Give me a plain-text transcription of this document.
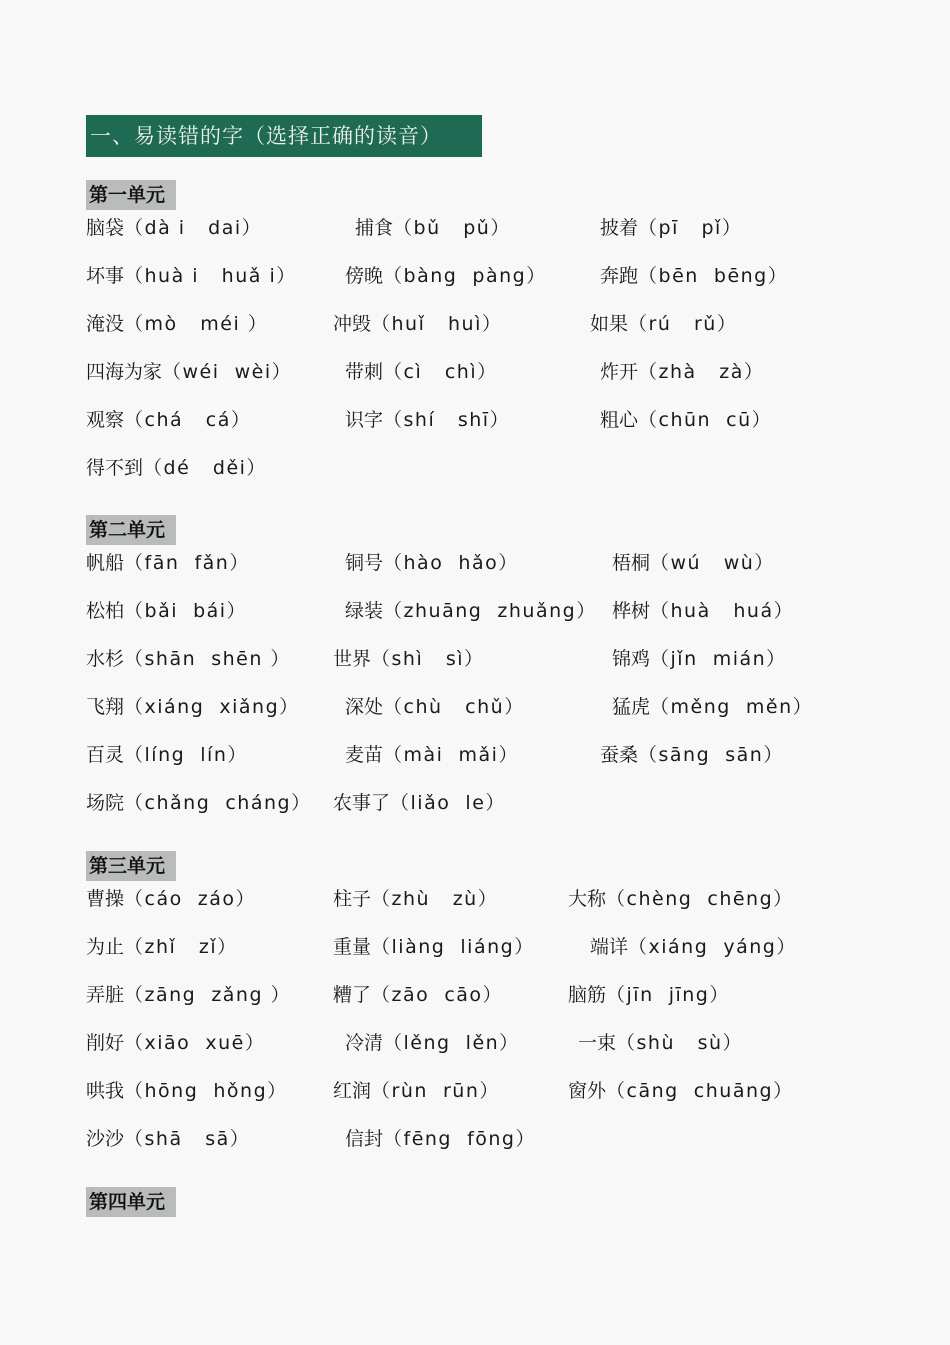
一、易读错的字（选择正确的读音）
第一单元
脑袋（dà i   dai）	捕食（bǔ   pǔ）	披着（pī   pǐ）
坏事（huà i   huǎ i）	傍晚（bàng  pàng）	奔跑（bēn  bēng）
淹没（mò   méi ）	冲毁（huǐ   huì）	如果（rú   rǔ）
四海为家（wéi  wèi）	带刺（cì   chì）	炸开（zhà   zà）
观察（chá   cá）	识字（shí   shī）	粗心（chūn  cū）
得不到（dé   děi）
第二单元
帆船（fān  fǎn）	铜号（hào  hǎo）	梧桐（wú   wù）
松柏（bǎi  bái）	绿装（zhuāng  zhuǎng） 桦树（huà   huá）
水杉（shān  shēn ） 世界（shì   sì）	锦鸡（jǐn  mián）
飞翔（xiáng  xiǎng） 深处（chù   chǔ）	猛虎（měng  měn）
百灵（líng  lín）	麦苗（mài  mǎi）	蚕桑（sāng  sān）
场院（chǎng  cháng） 农事了（liǎo  le）
第三单元
曹操（cáo  záo）	柱子（zhù   zù）	大称（chèng  chēng）
为止（zhǐ   zǐ）	重量（liàng  liáng）	端详（xiáng  yáng）
弄脏（zāng  zǎng ） 糟了（zāo  cāo）	脑筋（jīn  jīng）
削好（xiāo  xuē）	冷清（lěng  lěn）	一束（shù   sù）
哄我（hōng  hǒng） 红润（rùn  rūn）	窗外（cāng  chuāng）
沙沙（shā   sā）	信封（fēng  fōng）
第四单元
